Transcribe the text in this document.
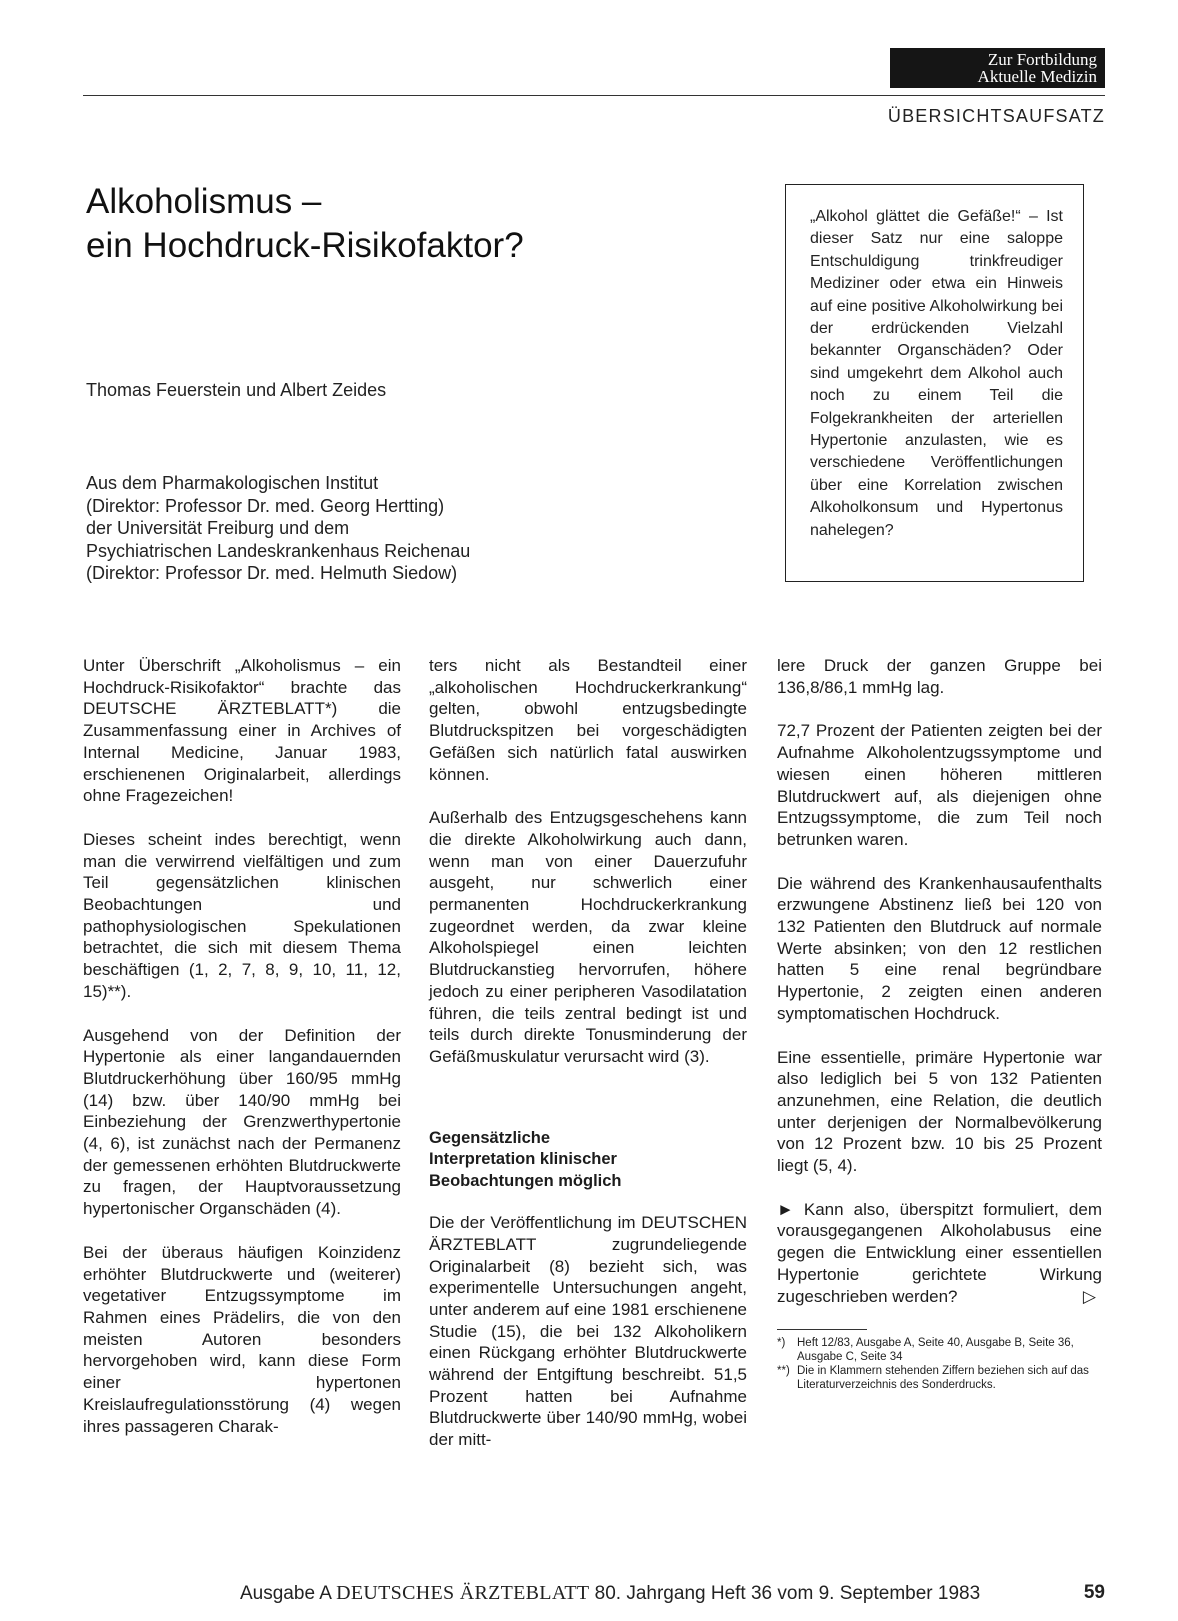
Zur Fortbildung
Aktuelle Medizin
ÜBERSICHTSAUFSATZ
Alkoholismus –
ein Hochdruck-Risikofaktor?
Thomas Feuerstein und Albert Zeides
Aus dem Pharmakologischen Institut
(Direktor: Professor Dr. med. Georg Hertting)
der Universität Freiburg und dem
Psychiatrischen Landeskrankenhaus Reichenau
(Direktor: Professor Dr. med. Helmuth Siedow)
„Alkohol glättet die Gefäße!“ – Ist dieser Satz nur eine saloppe Entschuldigung trinkfreudiger Mediziner oder etwa ein Hinweis auf eine positive Alkoholwirkung bei der erdrückenden Vielzahl bekannter Organschäden? Oder sind umgekehrt dem Alkohol auch noch zu einem Teil die Folgekrankheiten der arteriellen Hypertonie anzulasten, wie es verschiedene Veröffentlichungen über eine Korrelation zwischen Alkoholkonsum und Hypertonus nahelegen?

Unter Überschrift „Alkoholismus – ein Hochdruck-Risikofaktor“ brachte das DEUTSCHE ÄRZTEBLATT*) die Zusammenfassung einer in Archives of Internal Medicine, Januar 1983, erschienenen Originalarbeit, allerdings ohne Fragezeichen!

Dieses scheint indes berechtigt, wenn man die verwirrend vielfältigen und zum Teil gegensätzlichen klinischen Beobachtungen und pathophysiologischen Spekulationen betrachtet, die sich mit diesem Thema beschäftigen (1, 2, 7, 8, 9, 10, 11, 12, 15)**).

Ausgehend von der Definition der Hypertonie als einer langandauernden Blutdruckerhöhung über 160/95 mmHg (14) bzw. über 140/90 mmHg bei Einbeziehung der Grenzwerthypertonie (4, 6), ist zunächst nach der Permanenz der gemessenen erhöhten Blutdruckwerte zu fragen, der Hauptvoraussetzung hypertonischer Organschäden (4).

Bei der überaus häufigen Koinzidenz erhöhter Blutdruckwerte und (weiterer) vegetativer Entzugssymptome im Rahmen eines Prädelirs, die von den meisten Autoren besonders hervorgehoben wird, kann diese Form einer hypertonen Kreislaufregulationsstörung (4) wegen ihres passageren Charak-

ters nicht als Bestandteil einer „alkoholischen Hochdruckerkrankung“ gelten, obwohl entzugsbedingte Blutdruckspitzen bei vorgeschädigten Gefäßen sich natürlich fatal auswirken können.

Außerhalb des Entzugsgeschehens kann die direkte Alkoholwirkung auch dann, wenn man von einer Dauerzufuhr ausgeht, nur schwerlich einer permanenten Hochdruckerkrankung zugeordnet werden, da zwar kleine Alkoholspiegel einen leichten Blutdruckanstieg hervorrufen, höhere jedoch zu einer peripheren Vasodilatation führen, die teils zentral bedingt ist und teils durch direkte Tonusminderung der Gefäßmuskulatur verursacht wird (3).

Gegensätzliche
Interpretation klinischer
Beobachtungen möglich

Die der Veröffentlichung im DEUTSCHEN ÄRZTEBLATT zugrundeliegende Originalarbeit (8) bezieht sich, was experimentelle Untersuchungen angeht, unter anderem auf eine 1981 erschienene Studie (15), die bei 132 Alkoholikern einen Rückgang erhöhter Blutdruckwerte während der Entgiftung beschreibt. 51,5 Prozent hatten bei Aufnahme Blutdruckwerte über 140/90 mmHg, wobei der mitt-

lere Druck der ganzen Gruppe bei 136,8/86,1 mmHg lag.

72,7 Prozent der Patienten zeigten bei der Aufnahme Alkoholentzugssymptome und wiesen einen höheren mittleren Blutdruckwert auf, als diejenigen ohne Entzugssymptome, die zum Teil noch betrunken waren.

Die während des Krankenhausaufenthalts erzwungene Abstinenz ließ bei 120 von 132 Patienten den Blutdruck auf normale Werte absinken; von den 12 restlichen hatten 5 eine renal begründbare Hypertonie, 2 zeigten einen anderen symptomatischen Hochdruck.

Eine essentielle, primäre Hypertonie war also lediglich bei 5 von 132 Patienten anzunehmen, eine Relation, die deutlich unter derjenigen der Normalbevölkerung von 12 Prozent bzw. 10 bis 25 Prozent liegt (5, 4).

► Kann also, überspitzt formuliert, dem vorausgegangenen Alkoholabusus eine gegen die Entwicklung einer essentiellen Hypertonie gerichtete Wirkung zugeschrieben werden?	▷

*)	Heft 12/83, Ausgabe A, Seite 40, Ausgabe B, Seite 36, Ausgabe C, Seite 34
**) Die in Klammern stehenden Ziffern beziehen sich auf das Literaturverzeichnis des Sonderdrucks.
Ausgabe A DEUTSCHES ÄRZTEBLATT 80. Jahrgang Heft 36 vom 9. September 1983	59
